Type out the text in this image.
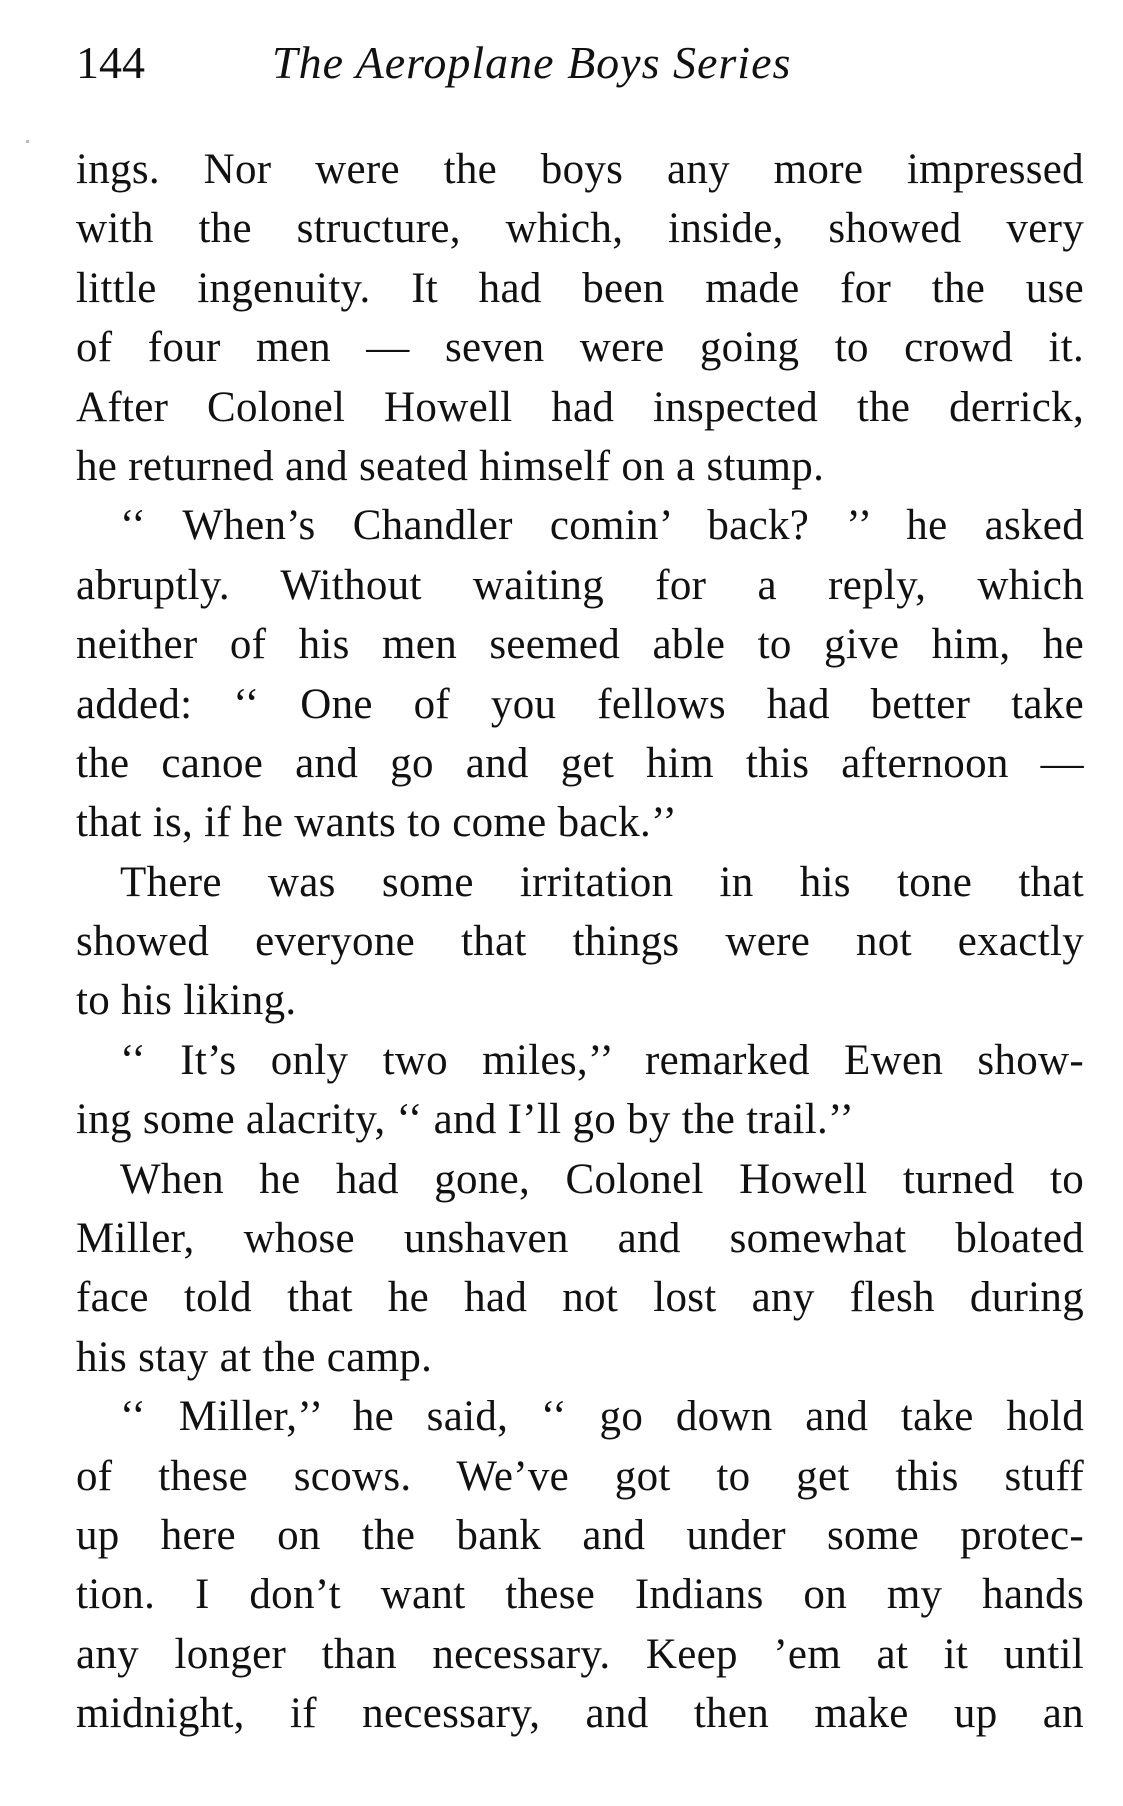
144	The Aeroplane Boys Series
ings. Nor were the boys any more impressed
with the structure, which, inside, showed very
little ingenuity. It had been made for the use
of four men — seven were going to crowd it.
After Colonel Howell had inspected the derrick,
he returned and seated himself on a stump.
‘‘ When’s Chandler comin’ back? ’’ he asked
abruptly. Without waiting for a reply, which
neither of his men seemed able to give him, he
added: ‘‘ One of you fellows had better take
the canoe and go and get him this afternoon —
that is, if he wants to come back.’’
There was some irritation in his tone that
showed everyone that things were not exactly
to his liking.
‘‘ It’s only two miles,’’ remarked Ewen show-
ing some alacrity, ‘‘ and I’ll go by the trail.’’
When he had gone, Colonel Howell turned to
Miller, whose unshaven and somewhat bloated
face told that he had not lost any flesh during
his stay at the camp.
‘‘ Miller,’’ he said, ‘‘ go down and take hold
of these scows. We’ve got to get this stuff
up here on the bank and under some protec-
tion. I don’t want these Indians on my hands
any longer than necessary. Keep ’em at it until
midnight, if necessary, and then make up an
